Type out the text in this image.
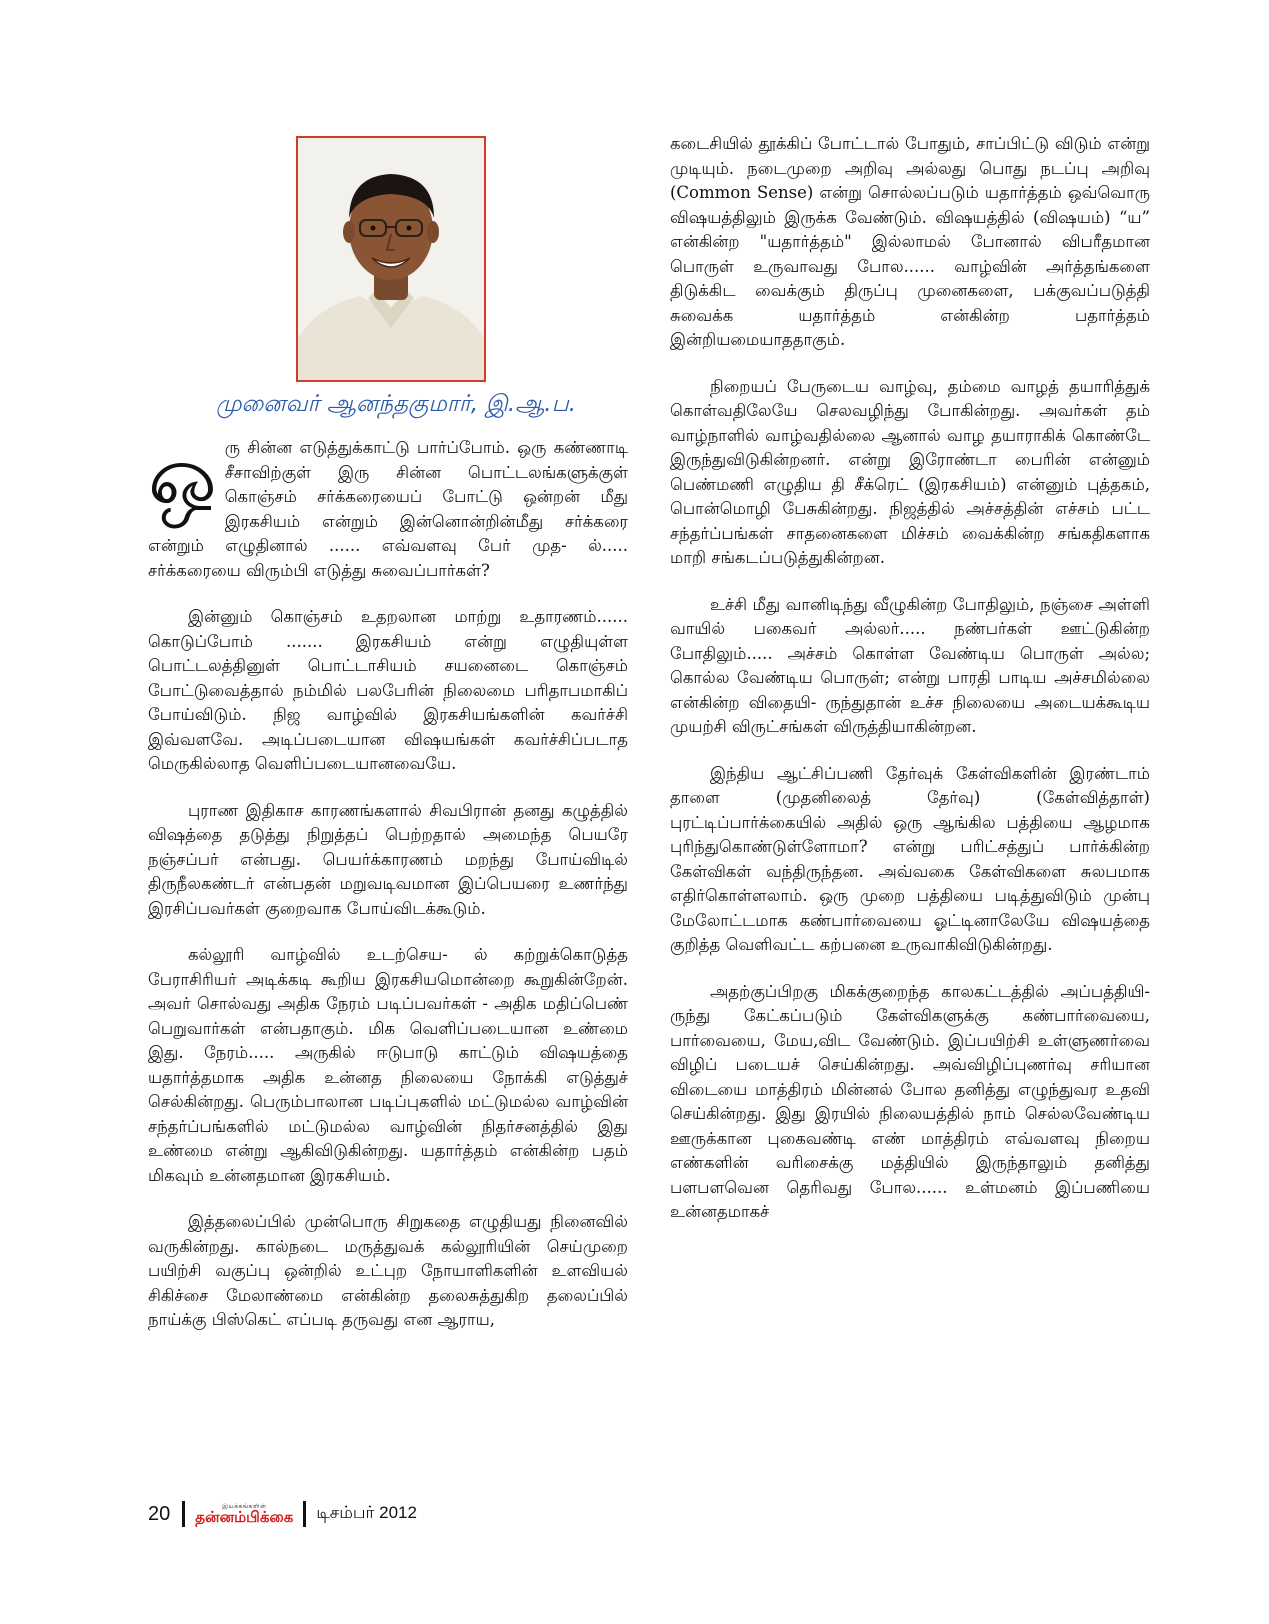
முனைவர் ஆனந்தகுமார், இ.ஆ.ப.

ஒரு சின்ன எடுத்துக்காட்டு பார்ப்போம். ஒரு கண்ணாடி சீசாவிற்குள் இரு சின்ன பொட்டலங்களுக்குள் கொஞ்சம் சர்க்கரையைப் போட்டு ஒன்றன் மீது இரகசியம் என்றும் இன்னொன்றின்மீது சர்க்கரை என்றும் எழுதினால் ...... எவ்வளவு பேர் முத- ல்..... சர்க்கரையை விரும்பி எடுத்து சுவைப்பார்கள்?

இன்னும் கொஞ்சம் உதறலான மாற்று உதாரணம்...... கொடுப்போம் ....... இரகசியம் என்று எழுதியுள்ள பொட்டலத்தினுள் பொட்டாசியம் சயனைடை கொஞ்சம் போட்டுவைத்தால் நம்மில் பலபேரின் நிலைமை பரிதாபமாகிப் போய்விடும். நிஜ வாழ்வில் இரகசியங்களின் கவர்ச்சி இவ்வளவே. அடிப்படையான விஷயங்கள் கவர்ச்சிப்படாத மெருகில்லாத வெளிப்படையானவையே.

புராண இதிகாச காரணங்களால் சிவபிரான் தனது கழுத்தில் விஷத்தை தடுத்து நிறுத்தப் பெற்றதால் அமைந்த பெயரே நஞ்சப்பர் என்பது. பெயர்க்காரணம் மறந்து போய்விடில் திருநீலகண்டர் என்பதன் மறுவடிவமான இப்பெயரை உணர்ந்து இரசிப்பவர்கள் குறைவாக போய்விடக்கூடும்.

கல்லூரி வாழ்வில் உடற்செய- ல் கற்றுக்கொடுத்த பேராசிரியர் அடிக்கடி கூறிய இரகசியமொன்றை கூறுகின்றேன். அவர் சொல்வது அதிக நேரம் படிப்பவர்கள் - அதிக மதிப்பெண் பெறுவார்கள் என்பதாகும். மிக வெளிப்படையான உண்மை இது. நேரம்..... அருகில் ஈடுபாடு காட்டும் விஷயத்தை யதார்த்தமாக அதிக உன்னத நிலையை நோக்கி எடுத்துச் செல்கின்றது. பெரும்பாலான படிப்புகளில் மட்டுமல்ல வாழ்வின் சந்தர்ப்பங்களில் மட்டுமல்ல வாழ்வின் நிதர்சனத்தில் இது உண்மை என்று ஆகிவிடுகின்றது. யதார்த்தம் என்கின்ற பதம் மிகவும் உன்னதமான இரகசியம்.

இத்தலைப்பில் முன்பொரு சிறுகதை எழுதியது நினைவில் வருகின்றது. கால்நடை மருத்துவக் கல்லூரியின் செய்முறை பயிற்சி வகுப்பு ஒன்றில் உட்புற நோயாளிகளின் உளவியல் சிகிச்சை மேலாண்மை என்கின்ற தலைசுத்துகிற தலைப்பில் நாய்க்கு பிஸ்கெட் எப்படி தருவது என ஆராய,

கடைசியில் தூக்கிப் போட்டால் போதும், சாப்பிட்டு விடும் என்று முடியும். நடைமுறை அறிவு அல்லது பொது நடப்பு அறிவு (Common Sense) என்று சொல்லப்படும் யதார்த்தம் ஒவ்வொரு விஷயத்திலும் இருக்க வேண்டும். விஷயத்தில் (விஷயம்) “ய” என்கின்ற "யதார்த்தம்" இல்லாமல் போனால் விபரீதமான பொருள் உருவாவது போல...... வாழ்வின் அர்த்தங்களை திடுக்கிட வைக்கும் திருப்பு முனைகளை, பக்குவப்படுத்தி சுவைக்க யதார்த்தம் என்கின்ற பதார்த்தம் இன்றியமையாததாகும்.

நிறையப் பேருடைய வாழ்வு, தம்மை வாழத் தயாரித்துக் கொள்வதிலேயே செலவழிந்து போகின்றது. அவர்கள் தம் வாழ்நாளில் வாழ்வதில்லை ஆனால் வாழ தயாராகிக் கொண்டே இருந்துவிடுகின்றனர். என்று இரோண்டா பைரின் என்னும் பெண்மணி எழுதிய தி சீக்ரெட் (இரகசியம்) என்னும் புத்தகம், பொன்மொழி பேசுகின்றது. நிஜத்தில் அச்சத்தின் எச்சம் பட்ட சந்தர்ப்பங்கள் சாதனைகளை மிச்சம் வைக்கின்ற சங்கதிகளாக மாறி சங்கடப்படுத்துகின்றன.

உச்சி மீது வானிடிந்து வீழுகின்ற போதிலும், நஞ்சை அள்ளி வாயில் பகைவர் அல்லர்..... நண்பர்கள் ஊட்டுகின்ற போதிலும்..... அச்சம் கொள்ள வேண்டிய பொருள் அல்ல; கொல்ல வேண்டிய பொருள்; என்று பாரதி பாடிய அச்சமில்லை என்கின்ற விதையி- ருந்துதான் உச்ச நிலையை அடையக்கூடிய முயற்சி விருட்சங்கள் விருத்தியாகின்றன.

இந்திய ஆட்சிப்பணி தேர்வுக் கேள்விகளின் இரண்டாம் தாளை (முதனிலைத் தேர்வு) (கேள்வித்தாள்) புரட்டிப்பார்க்கையில் அதில் ஒரு ஆங்கில பத்தியை ஆழமாக புரிந்துகொண்டுள்ளோமா? என்று பரிட்சத்துப் பார்க்கின்ற கேள்விகள் வந்திருந்தன. அவ்வகை கேள்விகளை சுலபமாக எதிர்கொள்ளலாம். ஒரு முறை பத்தியை படித்துவிடும் முன்பு மேலோட்டமாக கண்பார்வையை ஓட்டினாலேயே விஷயத்தை குறித்த வெளிவட்ட கற்பனை உருவாகிவிடுகின்றது.

அதற்குப்பிறகு மிகக்குறைந்த காலகட்டத்தில் அப்பத்தியி- ருந்து கேட்கப்படும் கேள்விகளுக்கு கண்பார்வையை, பார்வையை, மேய,விட வேண்டும். இப்பயிற்சி உள்ளுணர்வை விழிப் படையச் செய்கின்றது. அவ்விழிப்புணர்வு சரியான விடையை மாத்திரம் மின்னல் போல தனித்து எழுந்துவர உதவி செய்கின்றது. இது இரயில் நிலையத்தில் நாம் செல்லவேண்டிய ஊருக்கான புகைவண்டி எண் மாத்திரம் எவ்வளவு நிறைய எண்களின் வரிசைக்கு மத்தியில் இருந்தாலும் தனித்து பளபளவென தெரிவது போல...... உள்மனம் இப்பணியை உன்னதமாகச்

20	இயக்கங்களின்
தன்னம்பிக்கை டிசம்பர் 2012
